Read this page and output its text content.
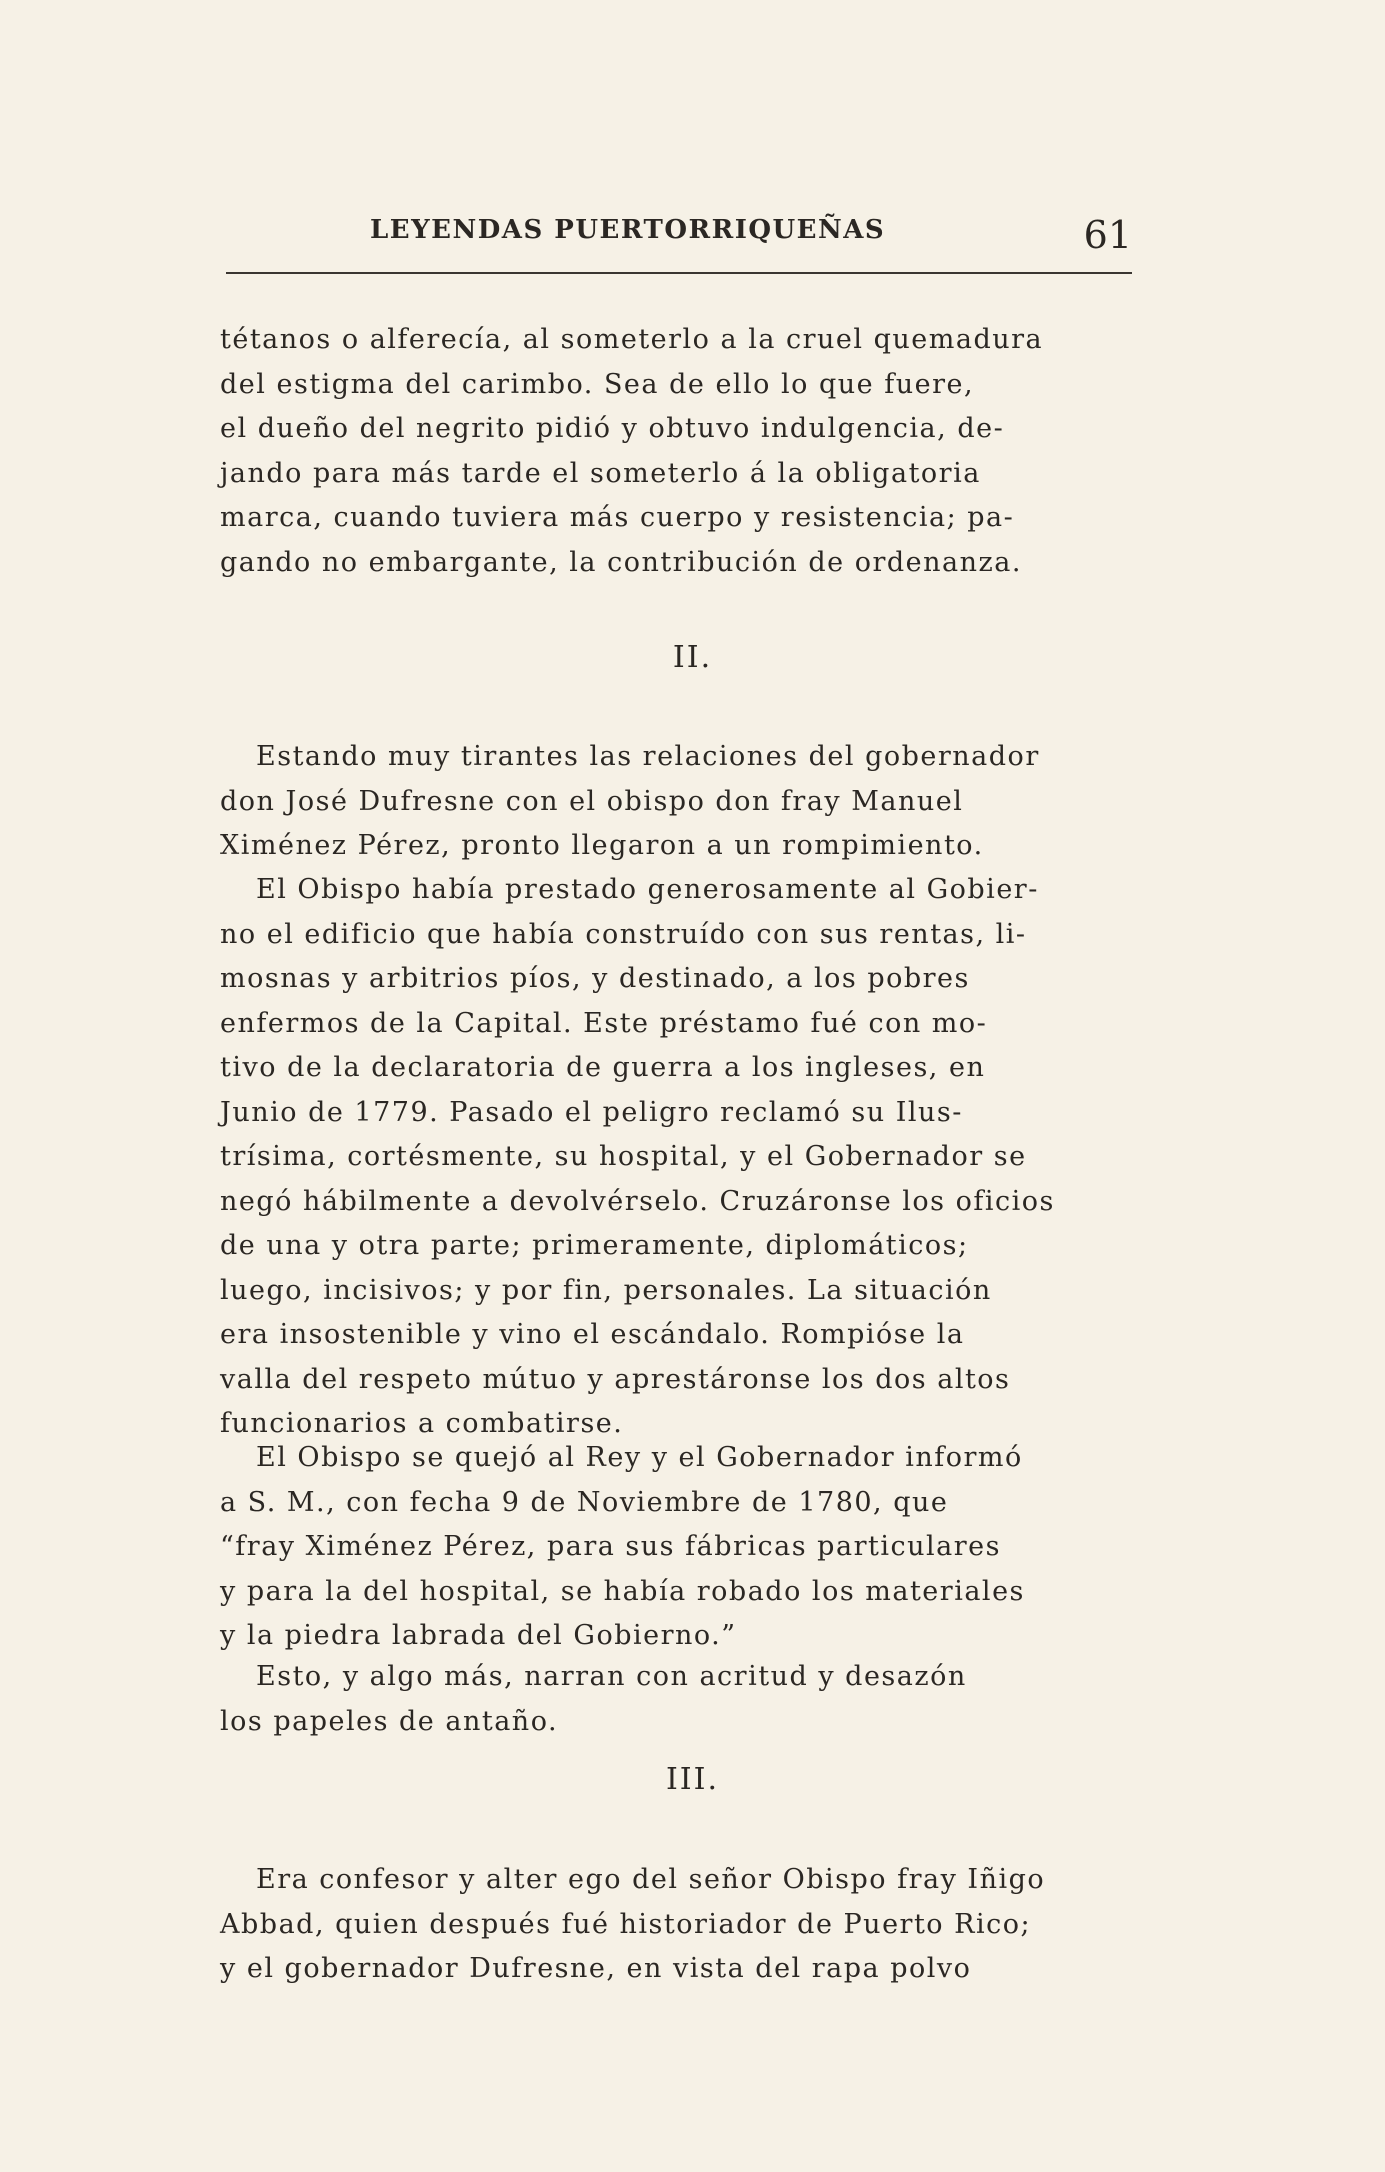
LEYENDAS PUERTORRIQUEÑAS	61
tétanos o alferecía, al someterlo a la cruel quemadura
del estigma del carimbo. Sea de ello lo que fuere,
el dueño del negrito pidió y obtuvo indulgencia, de-
jando para más tarde el someterlo á la obligatoria
marca, cuando tuviera más cuerpo y resistencia; pa-
gando no embargante, la contribución de ordenanza.
II.
Estando muy tirantes las relaciones del gobernador
don José Dufresne con el obispo don fray Manuel
Ximénez Pérez, pronto llegaron a un rompimiento.
El Obispo había prestado generosamente al Gobier-
no el edificio que había construído con sus rentas, li-
mosnas y arbitrios píos, y destinado, a los pobres
enfermos de la Capital. Este préstamo fué con mo-
tivo de la declaratoria de guerra a los ingleses, en
Junio de 1779. Pasado el peligro reclamó su Ilus-
trísima, cortésmente, su hospital, y el Gobernador se
negó hábilmente a devolvérselo. Cruzáronse los oficios
de una y otra parte; primeramente, diplomáticos;
luego, incisivos; y por fin, personales. La situación
era insostenible y vino el escándalo. Rompióse la
valla del respeto mútuo y aprestáronse los dos altos
funcionarios a combatirse.
El Obispo se quejó al Rey y el Gobernador informó
a S. M., con fecha 9 de Noviembre de 1780, que
“fray Ximénez Pérez, para sus fábricas particulares
y para la del hospital, se había robado los materiales
y la piedra labrada del Gobierno.”
Esto, y algo más, narran con acritud y desazón
los papeles de antaño.
III.
Era confesor y alter ego del señor Obispo fray Iñigo
Abbad, quien después fué historiador de Puerto Rico;
y el gobernador Dufresne, en vista del rapa polvo
